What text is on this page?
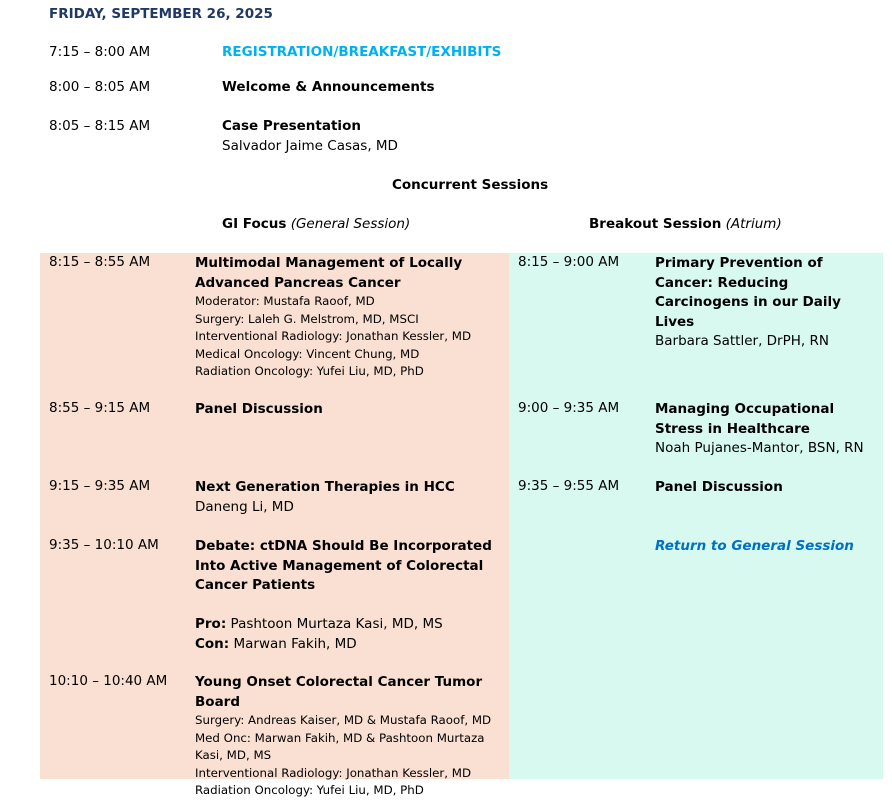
FRIDAY, SEPTEMBER 26, 2025
7:15 – 8:00 AM	REGISTRATION/BREAKFAST/EXHIBITS
8:00 – 8:05 AM	Welcome & Announcements
8:05 – 8:15 AM	Case Presentation
Salvador Jaime Casas, MD
Concurrent Sessions
GI Focus (General Session)	Breakout Session (Atrium)
8:15 – 8:55 AM	Multimodal Management of Locally Advanced Pancreas Cancer
Moderator: Mustafa Raoof, MD
Surgery: Laleh G. Melstrom, MD, MSCI
Interventional Radiology: Jonathan Kessler, MD
Medical Oncology: Vincent Chung, MD
Radiation Oncology: Yufei Liu, MD, PhD
8:55 – 9:15 AM	Panel Discussion
9:15 – 9:35 AM	Next Generation Therapies in HCC
Daneng Li, MD
9:35 – 10:10 AM	Debate: ctDNA Should Be Incorporated Into Active Management of Colorectal Cancer Patients
Pro: Pashtoon Murtaza Kasi, MD, MS
Con: Marwan Fakih, MD
10:10 – 10:40 AM Young Onset Colorectal Cancer Tumor Board
Surgery: Andreas Kaiser, MD & Mustafa Raoof, MD
Med Onc: Marwan Fakih, MD & Pashtoon Murtaza Kasi, MD, MS
Interventional Radiology: Jonathan Kessler, MD
Radiation Oncology: Yufei Liu, MD, PhD
8:15 – 9:00 AM	Primary Prevention of Cancer: Reducing Carcinogens in our Daily Lives
Barbara Sattler, DrPH, RN
9:00 – 9:35 AM	Managing Occupational Stress in Healthcare
Noah Pujanes-Mantor, BSN, RN
9:35 – 9:55 AM	Panel Discussion
Return to General Session
